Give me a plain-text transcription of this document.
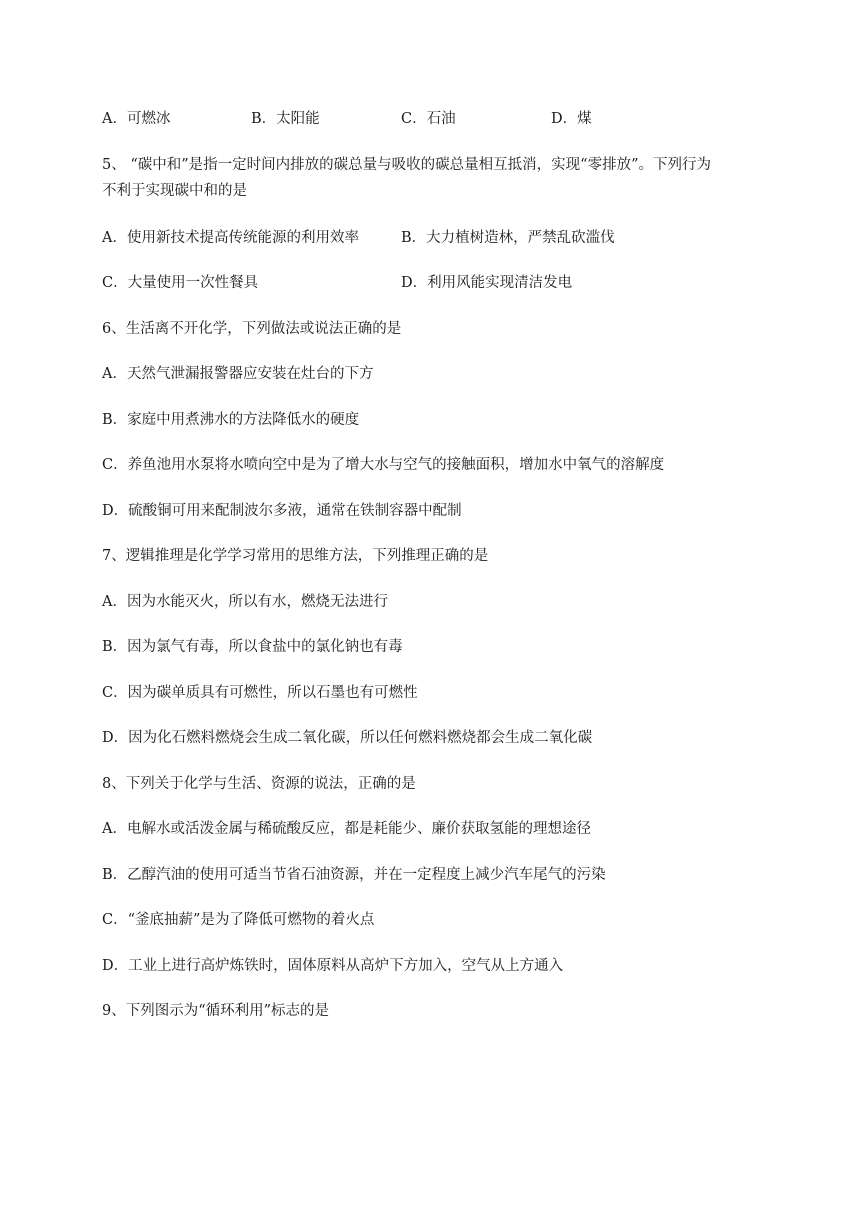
A．可燃冰	B．太阳能	C．石油	D．煤
5、 “碳中和”是指一定时间内排放的碳总量与吸收的碳总量相互抵消，实现“零排放”。下列行为
不利于实现碳中和的是
A．使用新技术提高传统能源的利用效率	B．大力植树造林，严禁乱砍滥伐
C．大量使用一次性餐具	D．利用风能实现清洁发电
6、生活离不开化学，下列做法或说法正确的是
A．天然气泄漏报警器应安装在灶台的下方
B．家庭中用煮沸水的方法降低水的硬度
C．养鱼池用水泵将水喷向空中是为了增大水与空气的接触面积，增加水中氧气的溶解度
D．硫酸铜可用来配制波尔多液，通常在铁制容器中配制
7、逻辑推理是化学学习常用的思维方法，下列推理正确的是
A．因为水能灭火，所以有水，燃烧无法进行
B．因为氯气有毒，所以食盐中的氯化钠也有毒
C．因为碳单质具有可燃性，所以石墨也有可燃性
D．因为化石燃料燃烧会生成二氧化碳，所以任何燃料燃烧都会生成二氧化碳
8、下列关于化学与生活、资源的说法，正确的是
A．电解水或活泼金属与稀硫酸反应，都是耗能少、廉价获取氢能的理想途径
B．乙醇汽油的使用可适当节省石油资源，并在一定程度上减少汽车尾气的污染
C．“釜底抽薪”是为了降低可燃物的着火点
D．工业上进行高炉炼铁时，固体原料从高炉下方加入，空气从上方通入
9、下列图示为“循环利用”标志的是
